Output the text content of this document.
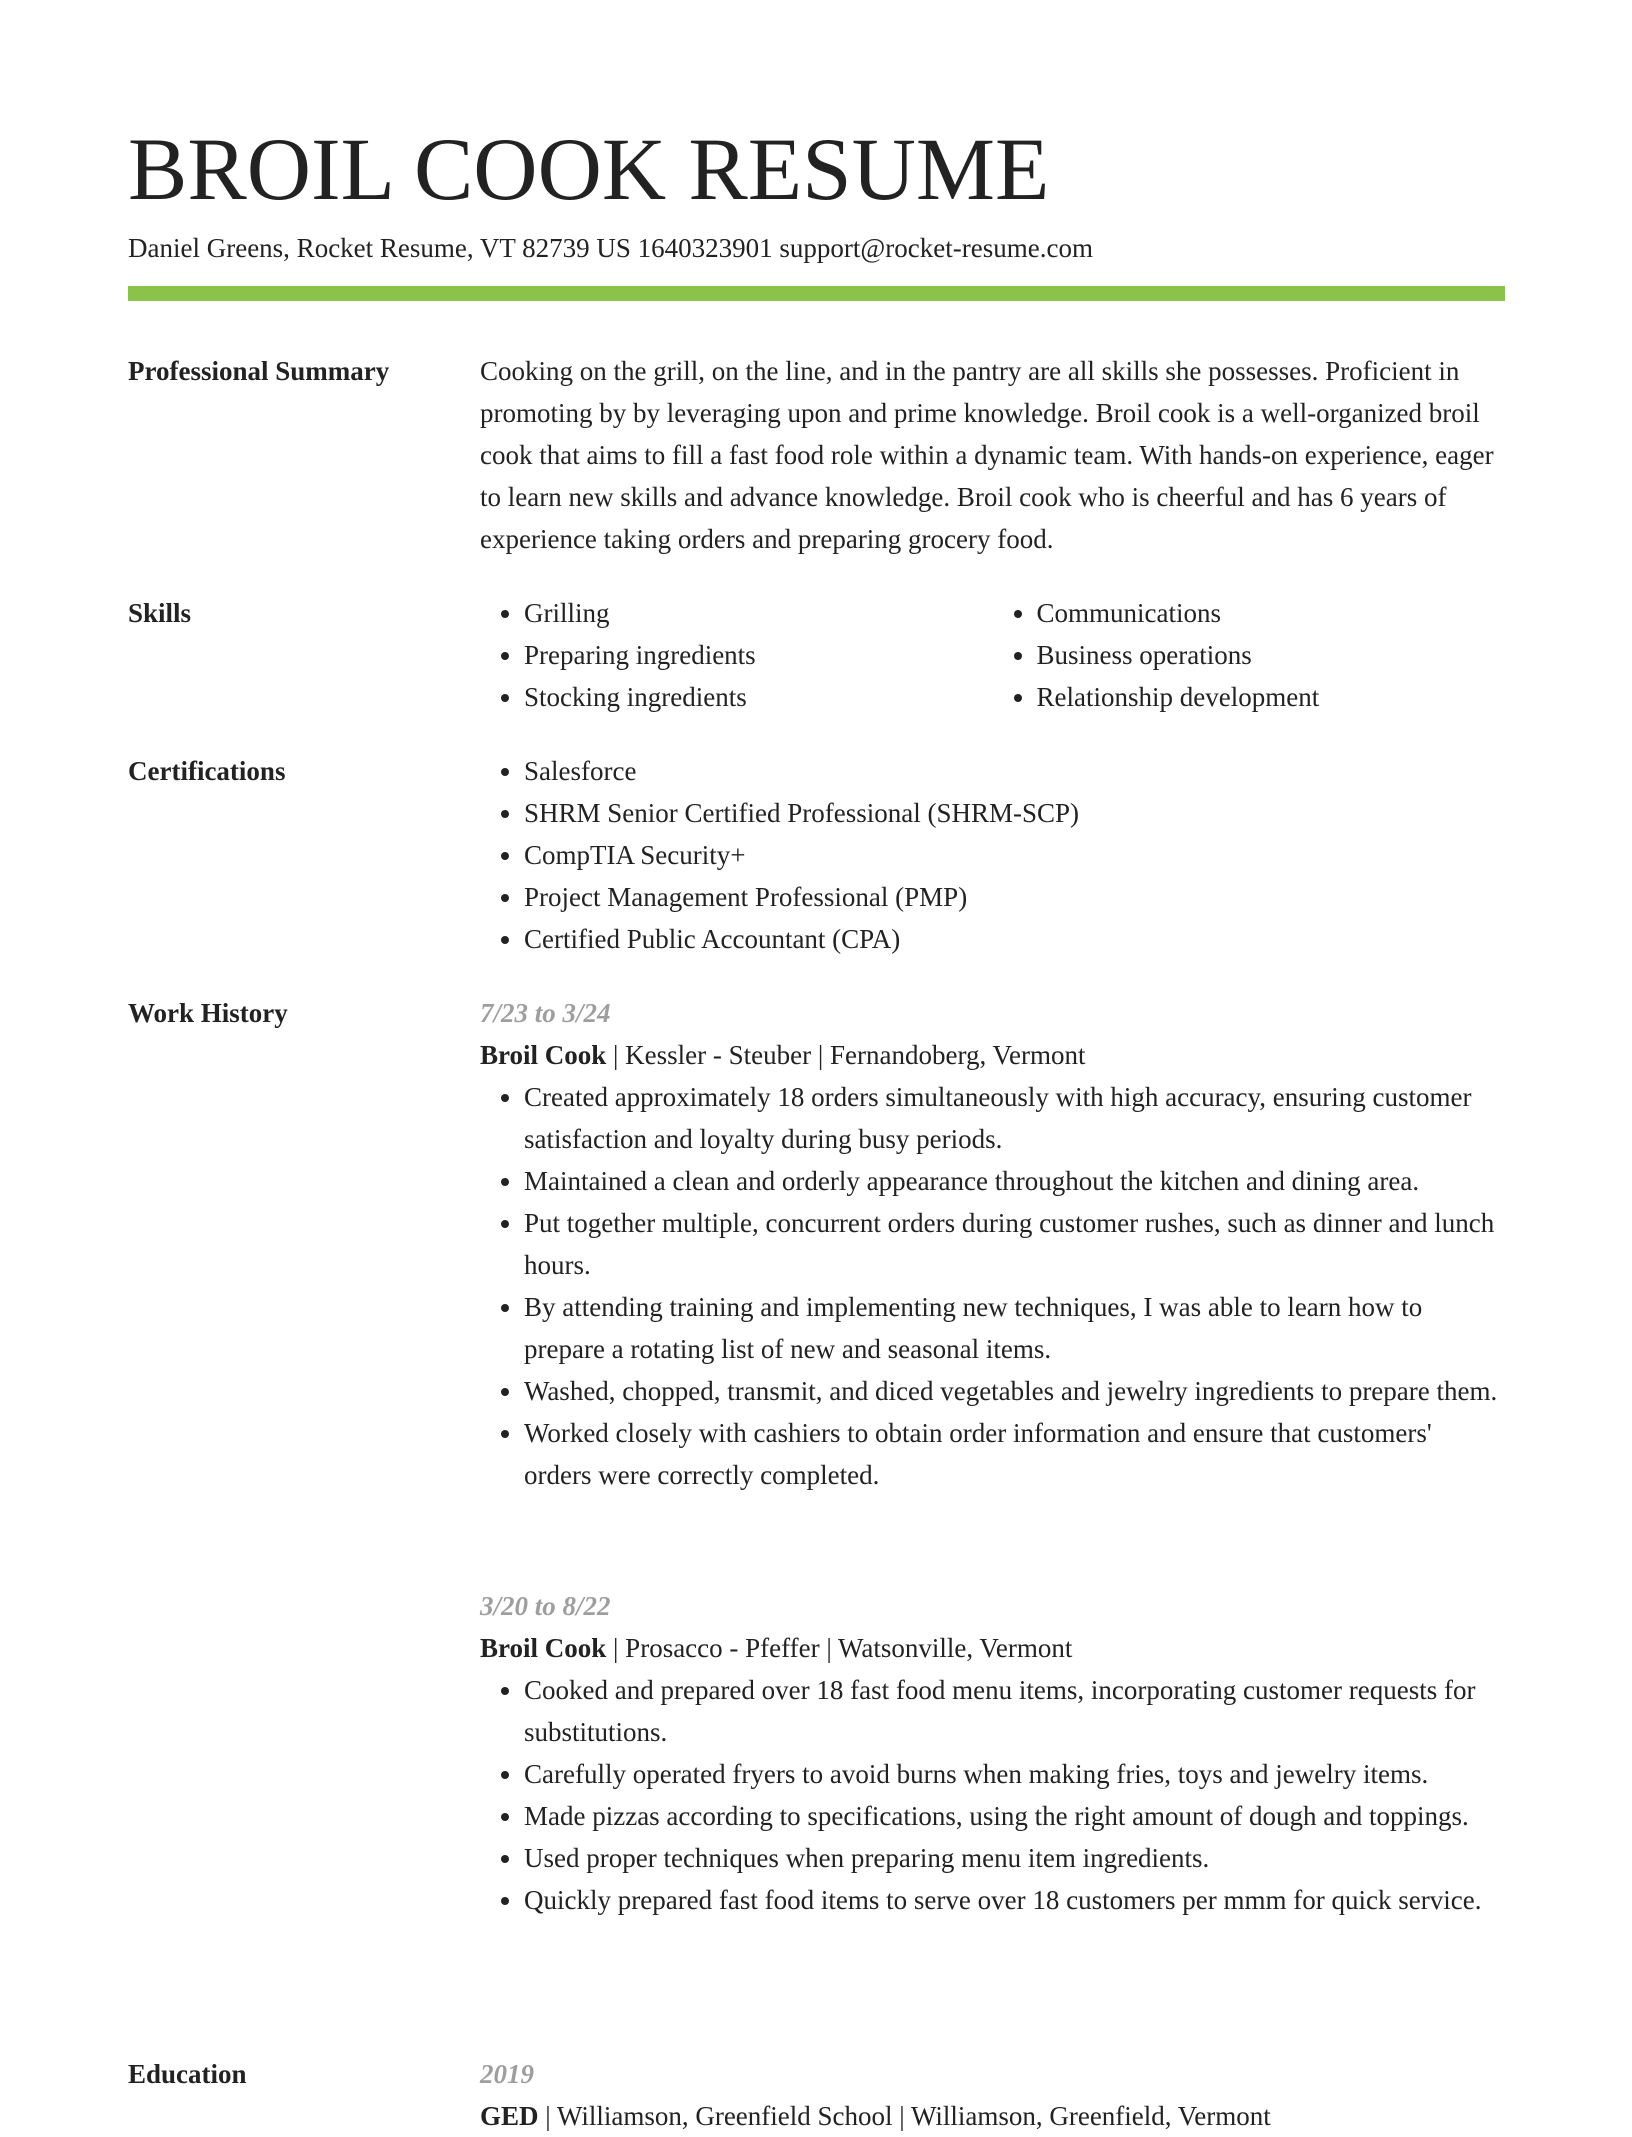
BROIL COOK RESUME
Daniel Greens, Rocket Resume, VT 82739 US 1640323901 support@rocket-resume.com
Professional Summary	Cooking on the grill, on the line, and in the pantry are all skills she possesses. Proficient in promoting by by leveraging upon and prime knowledge. Broil cook is a well-organized broil cook that aims to fill a fast food role within a dynamic team. With hands-on experience, eager to learn new skills and advance knowledge. Broil cook who is cheerful and has 6 years of experience taking orders and preparing grocery food.

Skills	• Grilling
• Preparing ingredients
• Stocking ingredients
• Communications
• Business operations
• Relationship development
Certifications	• Salesforce
• SHRM Senior Certified Professional (SHRM-SCP)
• CompTIA Security+
• Project Management Professional (PMP)
• Certified Public Accountant (CPA)
Work History	7/23 to 3/24
Broil Cook | Kessler - Steuber | Fernandoberg, Vermont
• Created approximately 18 orders simultaneously with high accuracy, ensuring customer satisfaction and loyalty during busy periods.
• Maintained a clean and orderly appearance throughout the kitchen and dining area.
• Put together multiple, concurrent orders during customer rushes, such as dinner and lunch hours.
• By attending training and implementing new techniques, I was able to learn how to prepare a rotating list of new and seasonal items.
• Washed, chopped, transmit, and diced vegetables and jewelry ingredients to prepare them.
• Worked closely with cashiers to obtain order information and ensure that customers' orders were correctly completed.
3/20 to 8/22
Broil Cook | Prosacco - Pfeffer | Watsonville, Vermont
• Cooked and prepared over 18 fast food menu items, incorporating customer requests for substitutions.
• Carefully operated fryers to avoid burns when making fries, toys and jewelry items.
• Made pizzas according to specifications, using the right amount of dough and toppings.
• Used proper techniques when preparing menu item ingredients.
• Quickly prepared fast food items to serve over 18 customers per mmm for quick service.
Education	2019
GED | Williamson, Greenfield School | Williamson, Greenfield, Vermont
